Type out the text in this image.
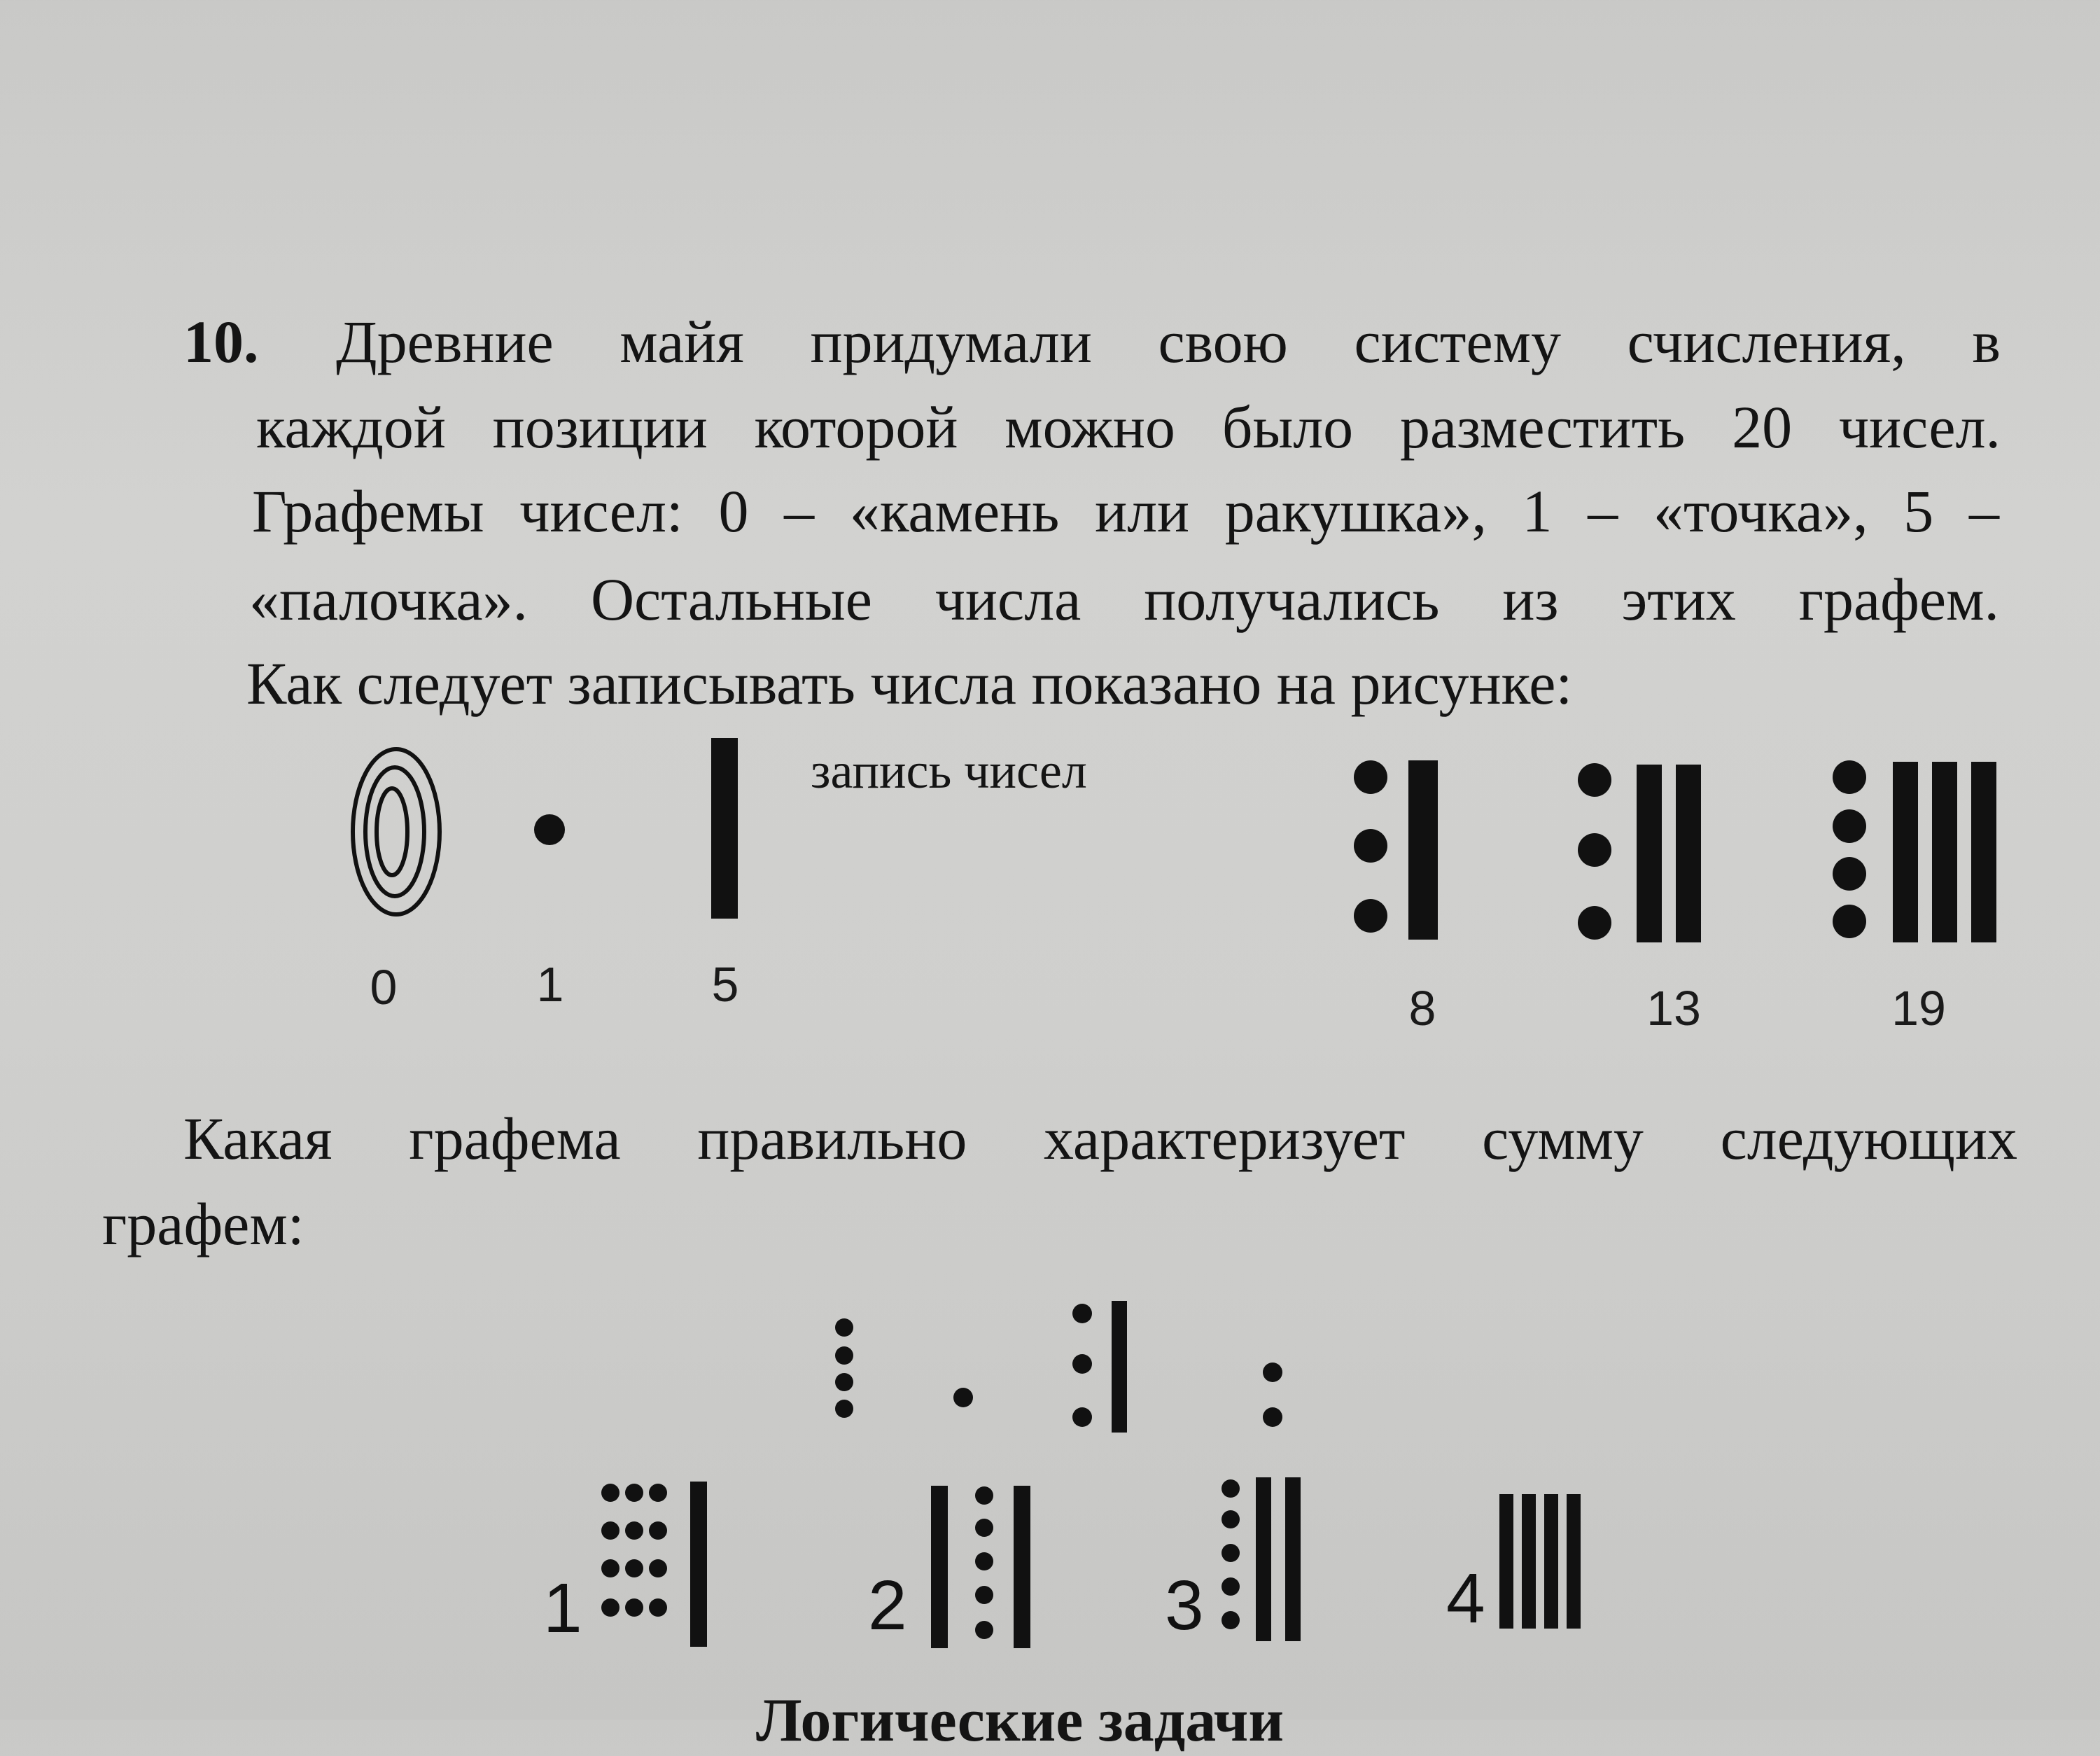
10. Древние майя придумали свою систему счисления, в
каждой позиции которой можно было разместить 20 чисел.
Графемы чисел: 0 – «камень или ракушка», 1 – «точка», 5 –
«палочка». Остальные числа получались из этих графем.
Как следует записывать числа показано на рисунке:
0	1	5
запись чисел
8	13	19
Какая графема правильно характеризует сумму следующих
графем:
1	2	3	4
Логические задачи
